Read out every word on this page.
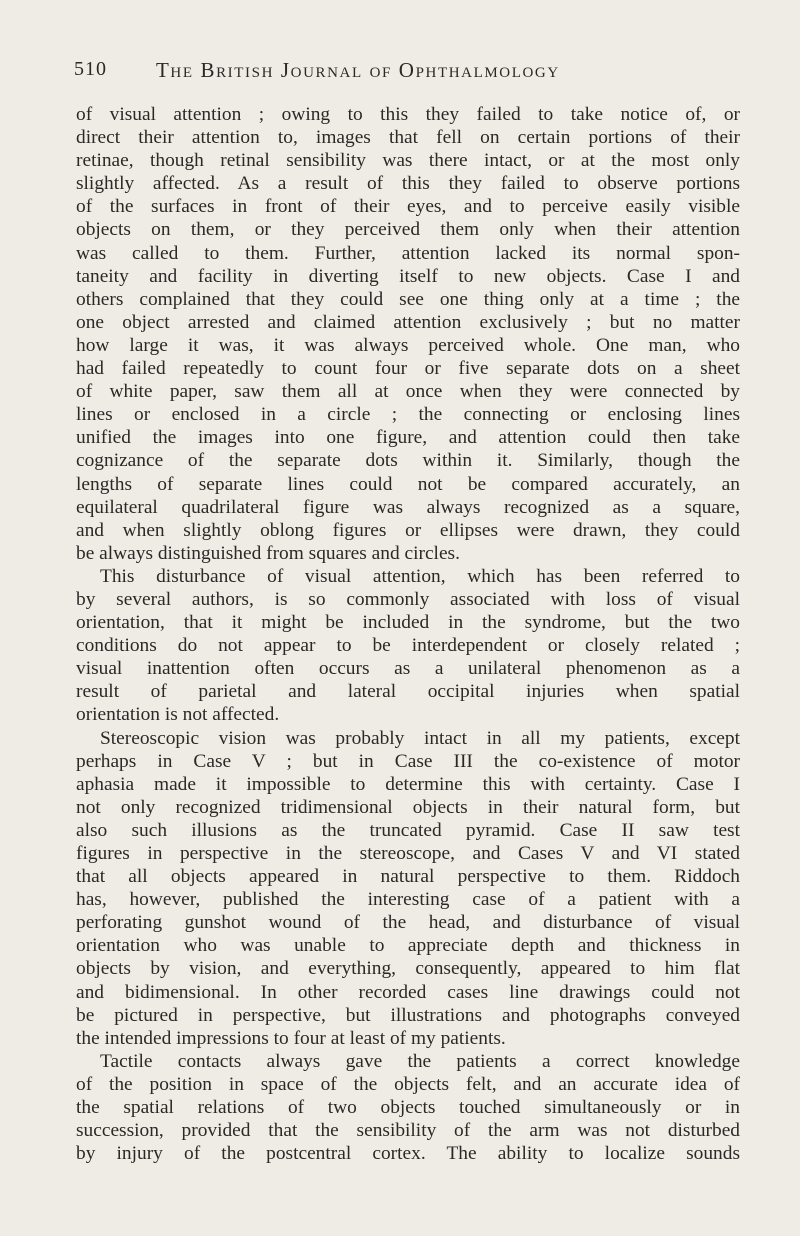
510 The British Journal of Ophthalmology
of visual attention ; owing to this they failed to take notice of, or
direct their attention to, images that fell on certain portions of their
retinae, though retinal sensibility was there intact, or at the most only
slightly affected. As a result of this they failed to observe portions
of the surfaces in front of their eyes, and to perceive easily visible
objects on them, or they perceived them only when their attention
was called to them. Further, attention lacked its normal spon-
taneity and facility in diverting itself to new objects. Case I and
others complained that they could see one thing only at a time ; the
one object arrested and claimed attention exclusively ; but no matter
how large it was, it was always perceived whole. One man, who
had failed repeatedly to count four or five separate dots on a sheet
of white paper, saw them all at once when they were connected by
lines or enclosed in a circle ; the connecting or enclosing lines
unified the images into one figure, and attention could then take
cognizance of the separate dots within it. Similarly, though the
lengths of separate lines could not be compared accurately, an
equilateral quadrilateral figure was always recognized as a square,
and when slightly oblong figures or ellipses were drawn, they could
be always distinguished from squares and circles.
This disturbance of visual attention, which has been referred to
by several authors, is so commonly associated with loss of visual
orientation, that it might be included in the syndrome, but the two
conditions do not appear to be interdependent or closely related ;
visual inattention often occurs as a unilateral phenomenon as a
result of parietal and lateral occipital injuries when spatial
orientation is not affected.
Stereoscopic vision was probably intact in all my patients, except
perhaps in Case V ; but in Case III the co-existence of motor
aphasia made it impossible to determine this with certainty. Case I
not only recognized tridimensional objects in their natural form, but
also such illusions as the truncated pyramid. Case II saw test
figures in perspective in the stereoscope, and Cases V and VI stated
that all objects appeared in natural perspective to them. Riddoch
has, however, published the interesting case of a patient with a
perforating gunshot wound of the head, and disturbance of visual
orientation who was unable to appreciate depth and thickness in
objects by vision, and everything, consequently, appeared to him flat
and bidimensional. In other recorded cases line drawings could not
be pictured in perspective, but illustrations and photographs conveyed
the intended impressions to four at least of my patients.
Tactile contacts always gave the patients a correct knowledge
of the position in space of the objects felt, and an accurate idea of
the spatial relations of two objects touched simultaneously or in
succession, provided that the sensibility of the arm was not disturbed
by injury of the postcentral cortex. The ability to localize sounds
